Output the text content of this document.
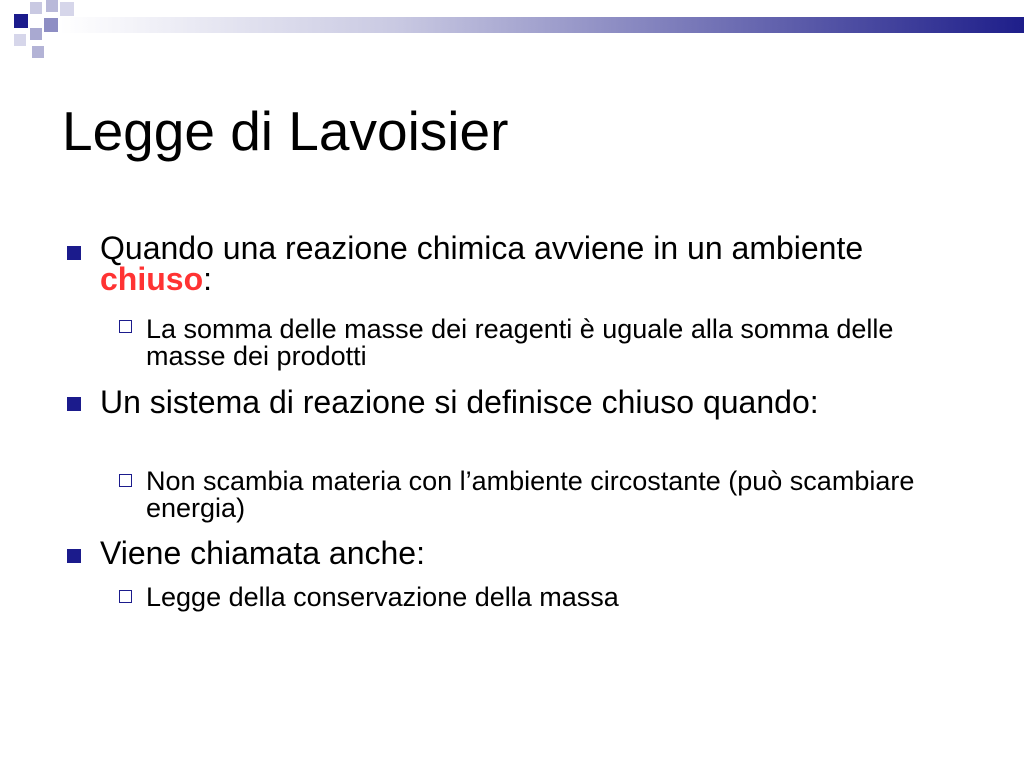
Legge di Lavoisier

Quando una reazione chimica avviene in un ambiente chiuso:

La somma delle masse dei reagenti è uguale alla somma delle masse dei prodotti

Un sistema di reazione si definisce chiuso quando:

Non scambia materia con l’ambiente circostante (può scambiare energia)

Viene chiamata anche:

Legge della conservazione della massa
